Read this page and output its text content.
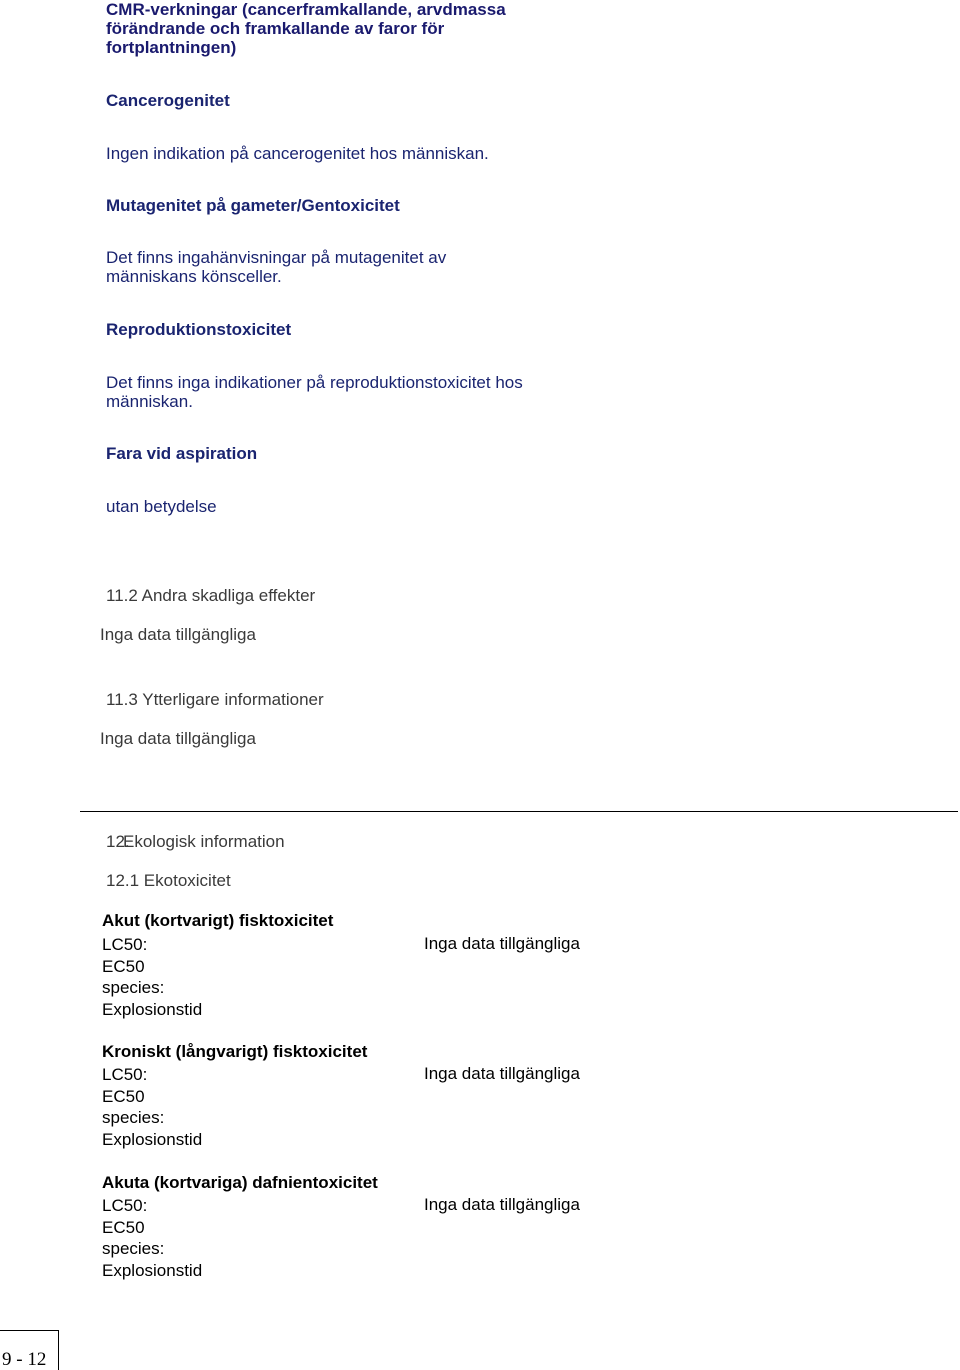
CMR-verkningar (cancerframkallande, arvdmassa
förändrande och framkallande av faror för
fortplantningen)
Cancerogenitet
Ingen indikation på cancerogenitet hos människan.
Mutagenitet på gameter/Gentoxicitet
Det finns ingahänvisningar på mutagenitet av
människans könsceller.
Reproduktionstoxicitet
Det finns inga indikationer på reproduktionstoxicitet hos
människan.
Fara vid aspiration
utan betydelse
11.2 Andra skadliga effekter
Inga data tillgängliga
11.3 Ytterligare informationer
Inga data tillgängliga
12.
Ekologisk information
12.1 Ekotoxicitet
Akut (kortvarigt) fisktoxicitet
LC50:
EC50
species:
Explosionstid
Inga data tillgängliga
Kroniskt (långvarigt) fisktoxicitet
LC50:
EC50
species:
Explosionstid
Inga data tillgängliga
Akuta (kortvariga) dafnientoxicitet
LC50:
EC50
species:
Explosionstid
Inga data tillgängliga
9 - 12
